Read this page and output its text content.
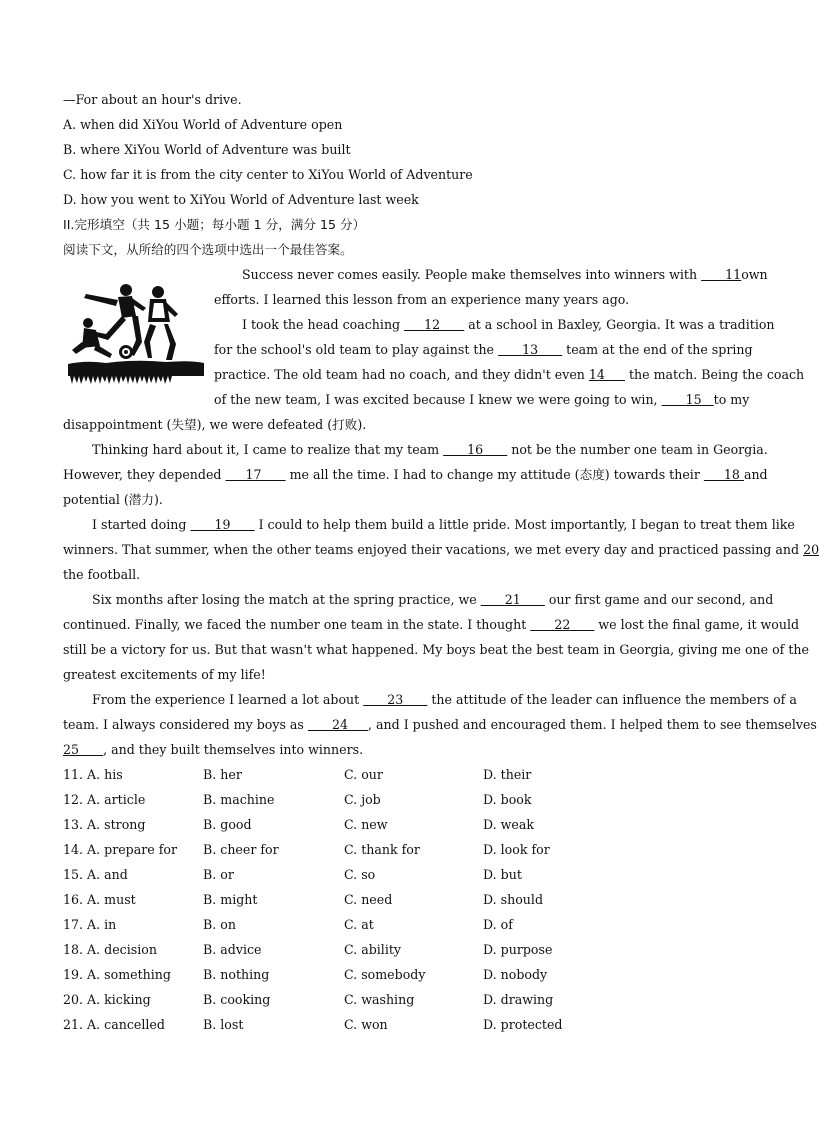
—For about an hour's drive.
A. when did XiYou World of Adventure open
B. where XiYou World of Adventure was built
C. how far it is from the city center to XiYou World of Adventure
D. how you went to XiYou World of Adventure last week
II.完形填空（共 15 小题；每小题 1 分，满分 15 分）
阅读下文，从所给的四个选项中选出一个最佳答案。
Success never comes easily. People make themselves into winners with       11own
efforts. I learned this lesson from an experience many years ago.
I took the head coaching      12       at a school in Baxley, Georgia. It was a tradition
for the school's old team to play against the       13       team at the end of the spring
practice. The old team had no coach, and they didn't even 14      the match. Being the coach
of the new team, I was excited because I knew we were going to win,       15 to my
disappointment (失望), we were defeated (打败).
Thinking hard about it, I came to realize that my team       16       not be the number one team in Georgia.
However, they depended      17       me all the time. I had to change my attitude (态度) towards their      18 and
potential (潜力).
I started doing       19       I could to help them build a little pride. Most importantly, I began to treat them like
winners. That summer, when the other teams enjoyed their vacations, we met every day and practiced passing and 20
the football.
Six months after losing the match at the spring practice, we       21       our first game and our second, and
continued. Finally, we faced the number one team in the state. I thought       22       we lost the final game, it would
still be a victory for us. But that wasn't what happened. My boys beat the best team in Georgia, giving me one of the
greatest excitements of my life!
From the experience I learned a lot about       23       the attitude of the leader can influence the members of a
team. I always considered my boys as       24 , and I pushed and encouraged them. I helped them to see themselves
25 , and they built themselves into winners.
11. A. his	B. her	C. our	D. their
12. A. article	B. machine	C. job	D. book
13. A. strong	B. good	C. new	D. weak
14. A. prepare for B. cheer for	C. thank for	D. look for
15. A. and	B. or	C. so	D. but
16. A. must	B. might	C. need	D. should
17. A. in	B. on	C. at	D. of
18. A. decision	B. advice	C. ability	D. purpose
19. A. something	B. nothing	C. somebody	D. nobody
20. A. kicking	B. cooking	C. washing	D. drawing
21. A. cancelled	B. lost	C. won	D. protected
